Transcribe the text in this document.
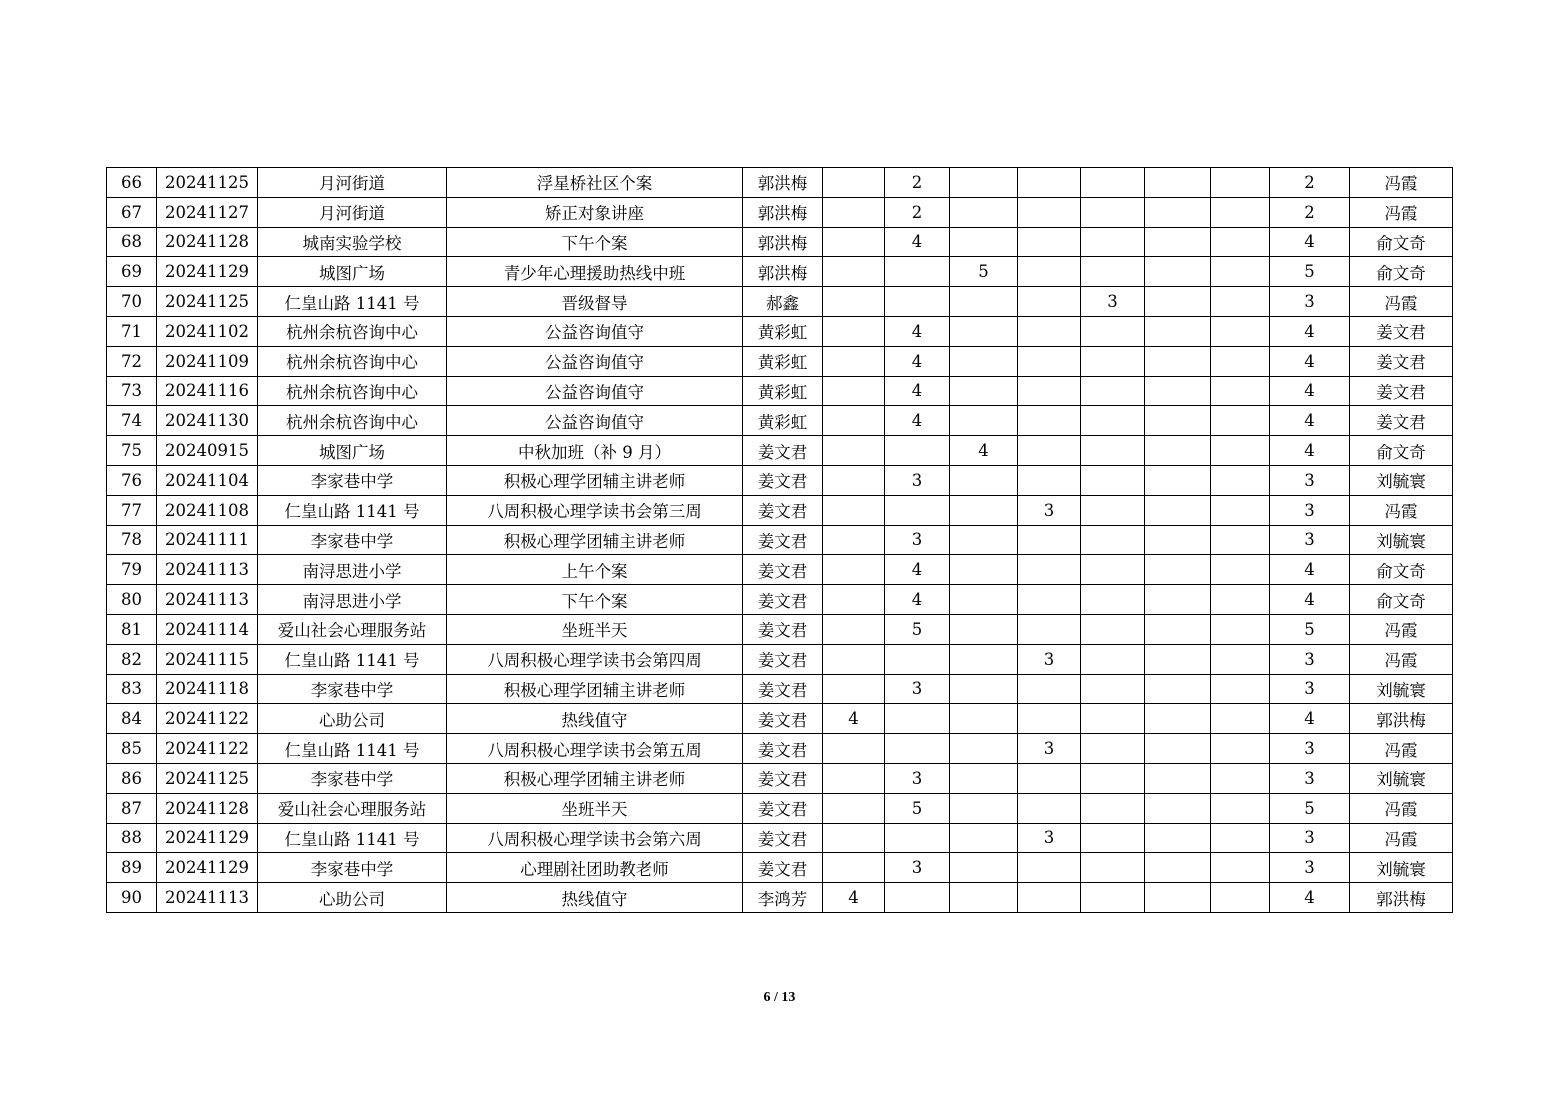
66	20241125	月河街道	浮星桥社区个案	郭洪梅		2						2	冯霞
67	20241127	月河街道	矫正对象讲座	郭洪梅		2						2	冯霞
68	20241128	城南实验学校	下午个案	郭洪梅		4						4	俞文奇
69	20241129	城图广场	青少年心理援助热线中班	郭洪梅			5					5	俞文奇
70	20241125	仁皇山路 1141 号	晋级督导	郝鑫					3			3	冯霞
71	20241102	杭州余杭咨询中心	公益咨询值守	黄彩虹		4						4	姜文君
72	20241109	杭州余杭咨询中心	公益咨询值守	黄彩虹		4						4	姜文君
73	20241116	杭州余杭咨询中心	公益咨询值守	黄彩虹		4						4	姜文君
74	20241130	杭州余杭咨询中心	公益咨询值守	黄彩虹		4						4	姜文君
75	20240915	城图广场	中秋加班（补 9 月）	姜文君			4					4	俞文奇
76	20241104	李家巷中学	积极心理学团辅主讲老师	姜文君		3						3	刘毓寰
77	20241108	仁皇山路 1141 号	八周积极心理学读书会第三周	姜文君				3				3	冯霞
78	20241111	李家巷中学	积极心理学团辅主讲老师	姜文君		3						3	刘毓寰
79	20241113	南浔思进小学	上午个案	姜文君		4						4	俞文奇
80	20241113	南浔思进小学	下午个案	姜文君		4						4	俞文奇
81	20241114	爱山社会心理服务站	坐班半天	姜文君		5						5	冯霞
82	20241115	仁皇山路 1141 号	八周积极心理学读书会第四周	姜文君				3				3	冯霞
83	20241118	李家巷中学	积极心理学团辅主讲老师	姜文君		3						3	刘毓寰
84	20241122	心助公司	热线值守	姜文君	4							4	郭洪梅
85	20241122	仁皇山路 1141 号	八周积极心理学读书会第五周	姜文君				3				3	冯霞
86	20241125	李家巷中学	积极心理学团辅主讲老师	姜文君		3						3	刘毓寰
87	20241128	爱山社会心理服务站	坐班半天	姜文君		5						5	冯霞
88	20241129	仁皇山路 1141 号	八周积极心理学读书会第六周	姜文君				3				3	冯霞
89	20241129	李家巷中学	心理剧社团助教老师	姜文君		3						3	刘毓寰
90	20241113	心助公司	热线值守	李鸿芳	4							4	郭洪梅
6 / 13
